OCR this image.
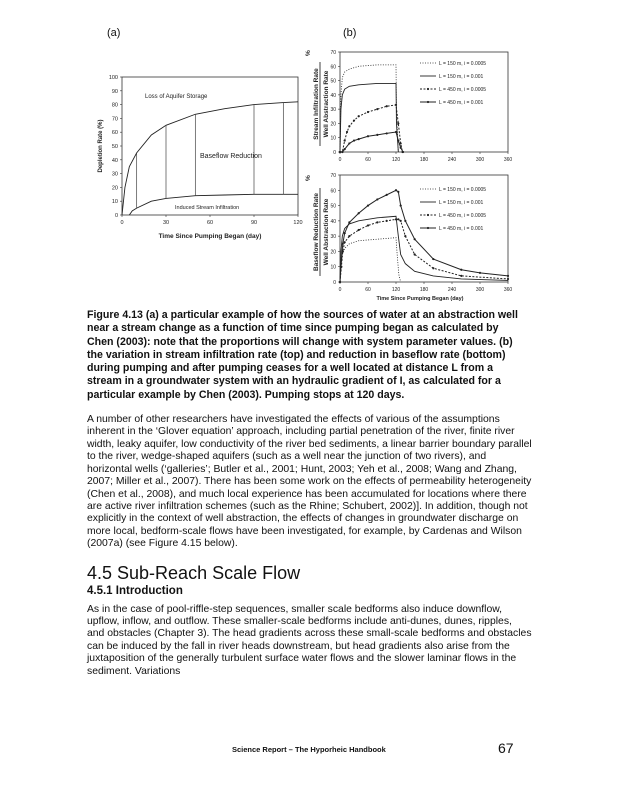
(a)	(b)
0
10
20
30
40
50
60
70
80
90
100
0	30	60	90	120
Loss of Aquifer Storage
Baseflow Reduction
Induced Stream Infiltration
Time Since Pumping Began (day)
Depletion Rate (%)	0
10
20
30
40
50
60
70
0	60	120	180	240	300	360
L = 150 m, i = 0.0005
L = 150 m, i = 0.001
L = 450 m, i = 0.0005
L = 450 m, i = 0.001
Stream Infiltration Rate Well Abstraction Rate
%
0
10
20
30
40
50
60
70
0	60	120	180	240	300	360
L = 150 m, i = 0.0005
L = 150 m, i = 0.001
L = 450 m, i = 0.0005
L = 450 m, i = 0.001
Baseflow Reduction Rate Well Abstraction Rate
%
Time Since Pumping Began (day)
Figure 4.13 (a) a particular example of how the sources of water at an abstraction well near a stream change as a function of time since pumping began as calculated by Chen (2003): note that the proportions will change with system parameter values. (b) the variation in stream infiltration rate (top) and reduction in baseflow rate (bottom) during pumping and after pumping ceases for a well located at distance L from a stream in a groundwater system with an hydraulic gradient of I, as calculated for a particular example by Chen (2003). Pumping stops at 120 days.
A number of other researchers have investigated the effects of various of the assumptions inherent in the ‘Glover equation’ approach, including partial penetration of the river, finite river width, leaky aquifer, low conductivity of the river bed sediments, a linear barrier boundary parallel to the river, wedge-shaped aquifers (such as a well near the junction of two rivers), and horizontal wells (‘galleries’; Butler et al., 2001; Hunt, 2003; Yeh et al., 2008; Wang and Zhang, 2007; Miller et al., 2007). There has been some work on the effects of permeability heterogeneity (Chen et al., 2008), and much local experience has been accumulated for locations where there are active river infiltration schemes (such as the Rhine; Schubert, 2002)]. In addition, though not explicitly in the context of well abstraction, the effects of changes in groundwater discharge on more local, bedform-scale flows have been investigated, for example, by Cardenas and Wilson (2007a) (see Figure 4.15 below).
4.5 Sub-Reach Scale Flow
4.5.1 Introduction
As in the case of pool-riffle-step sequences, smaller scale bedforms also induce downflow, upflow, inflow, and outflow. These smaller-scale bedforms include anti-dunes, dunes, ripples, and obstacles (Chapter 3). The head gradients across these small-scale bedforms and obstacles can be induced by the fall in river heads downstream, but head gradients also arise from the juxtaposition of the generally turbulent surface water flows and the slower laminar flows in the sediment. Variations
Science Report – The Hyporheic Handbook	67
